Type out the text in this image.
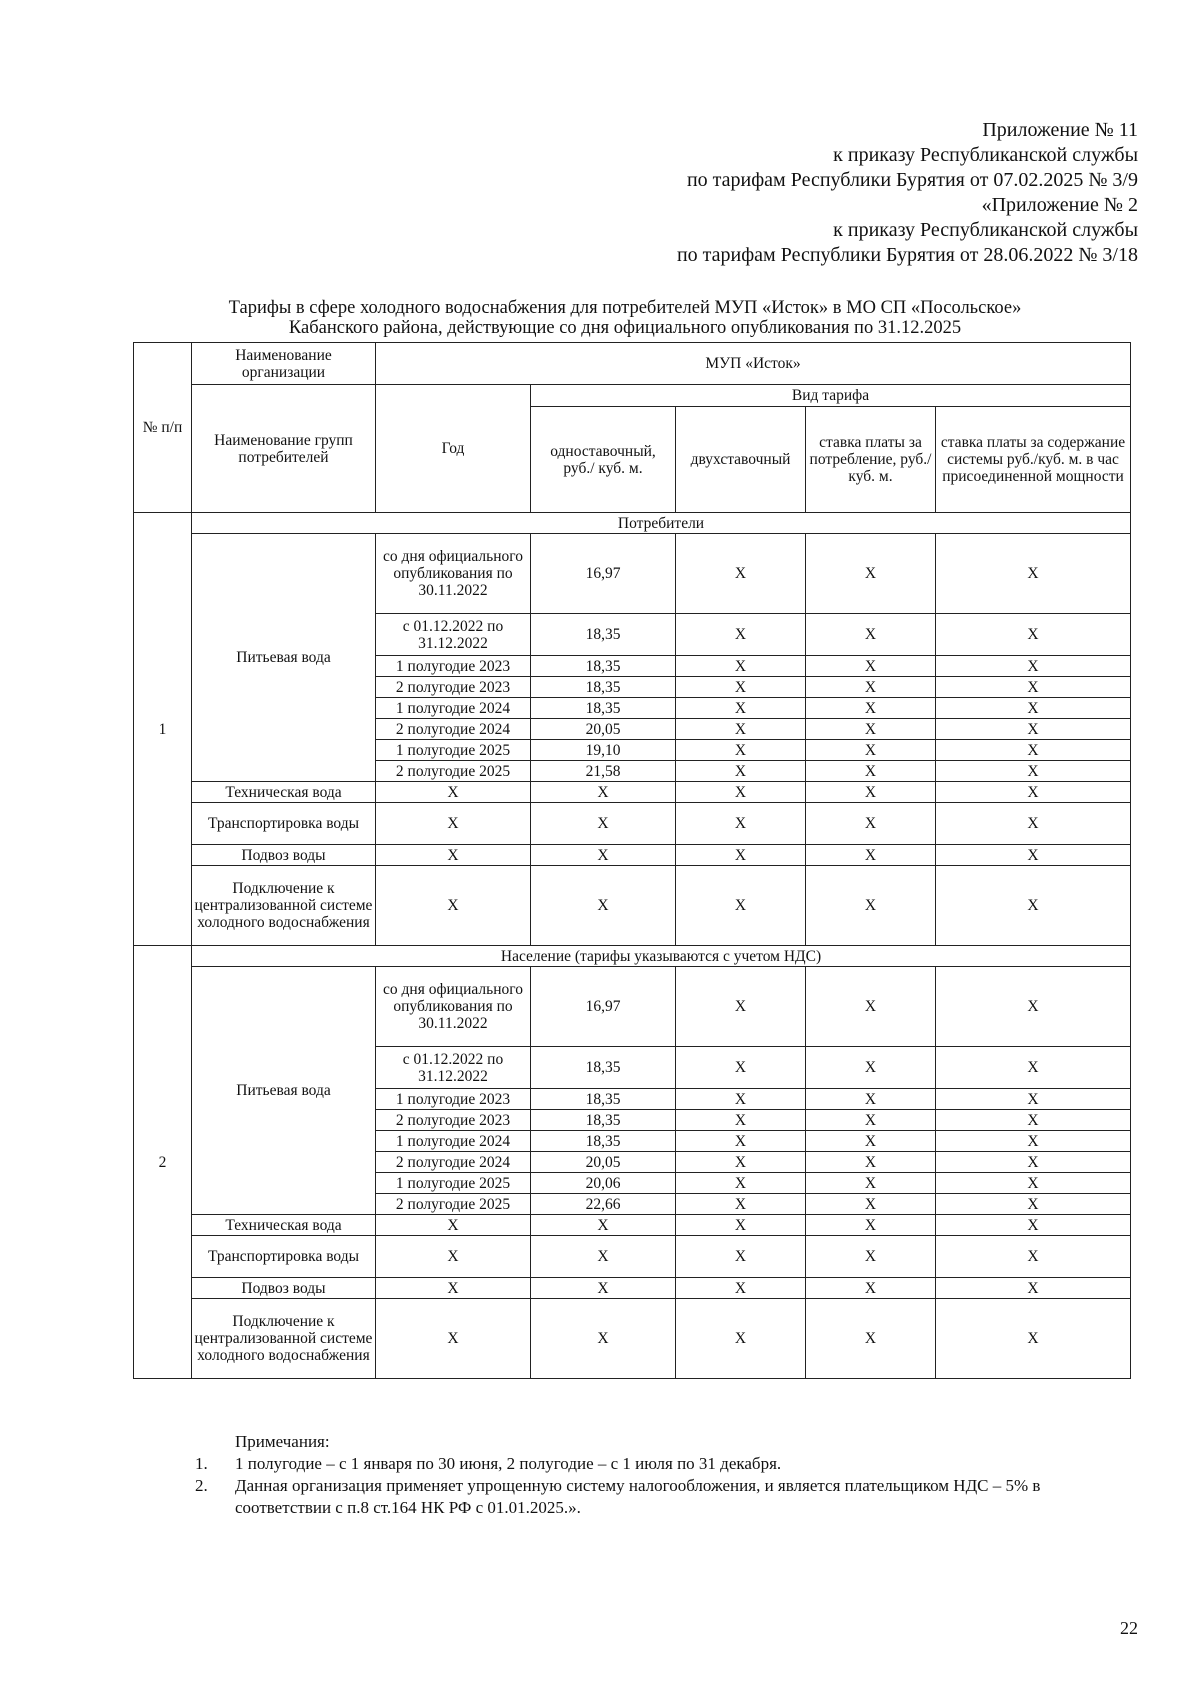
Приложение № 11
к приказу Республиканской службы
по тарифам Республики Бурятия от 07.02.2025 № 3/9
«Приложение № 2
к приказу Республиканской службы
по тарифам Республики Бурятия от 28.06.2022 № 3/18
Тарифы в сфере холодного водоснабжения для потребителей МУП «Исток» в МО СП «Посольское»
Кабанского района, действующие со дня официального опубликования по 31.12.2025
№ п/п	Наименование организации	МУП «Исток»				
	Наименование групп потребителей	Год	Вид тарифа			
			одноставочный, руб./ куб. м.	двухставочный	ставка платы за потребление, руб./ куб. м.	ставка платы за содержание системы руб./куб. м. в час присоединенной мощности
1	Потребители					
	Питьевая вода	со дня официального опубликования по 30.11.2022	16,97	X	X	X
		с 01.12.2022 по 31.12.2022	18,35	X	X	X
		1 полугодие 2023	18,35	X	X	X
		2 полугодие 2023	18,35	X	X	X
		1 полугодие 2024	18,35	X	X	X
		2 полугодие 2024	20,05	X	X	X
		1 полугодие 2025	19,10	X	X	X
		2 полугодие 2025	21,58	X	X	X
	Техническая вода	X	X	X	X	X
	Транспортировка воды	X	X	X	X	X
	Подвоз воды	X	X	X	X	X
	Подключение к централизованной системе холодного водоснабжения	X	X	X	X	X
2	Население (тарифы указываются с учетом НДС)					
	Питьевая вода	со дня официального опубликования по 30.11.2022	16,97	X	X	X
		с 01.12.2022 по 31.12.2022	18,35	X	X	X
		1 полугодие 2023	18,35	X	X	X
		2 полугодие 2023	18,35	X	X	X
		1 полугодие 2024	18,35	X	X	X
		2 полугодие 2024	20,05	X	X	X
		1 полугодие 2025	20,06	X	X	X
		2 полугодие 2025	22,66	X	X	X
	Техническая вода	X	X	X	X	X
	Транспортировка воды	X	X	X	X	X
	Подвоз воды	X	X	X	X	X
	Подключение к централизованной системе холодного водоснабжения	X	X	X	X	X
Примечания:
1.	1 полугодие – с 1 января по 30 июня, 2 полугодие – с 1 июля по 31 декабря.
2.	Данная организация применяет упрощенную систему налогообложения, и является плательщиком НДС – 5% в соответствии с п.8 ст.164 НК РФ с 01.01.2025.».
22
